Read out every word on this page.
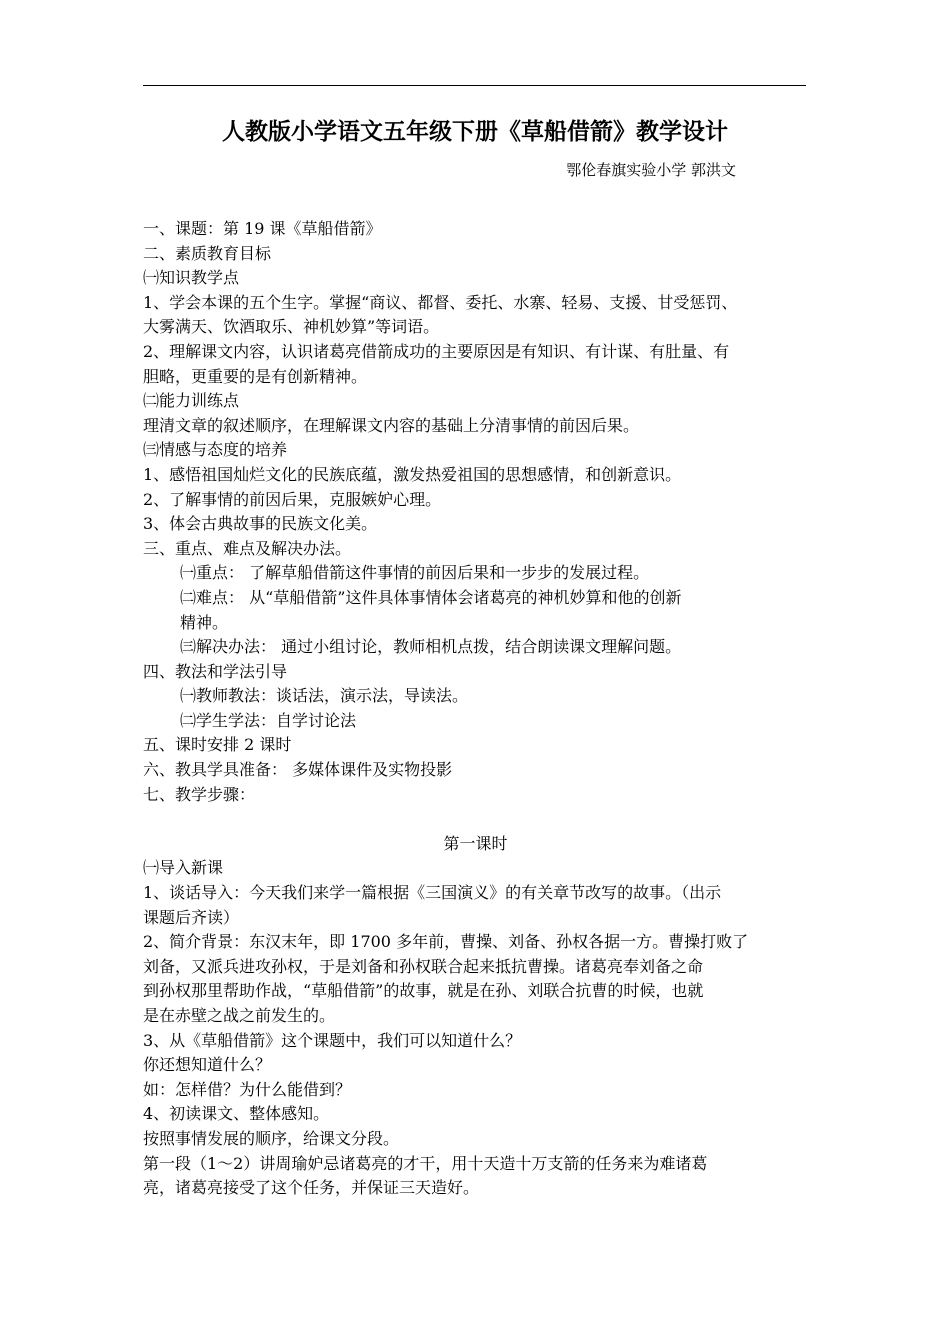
人教版小学语文五年级下册《草船借箭》教学设计
鄂伦春旗实验小学 郭洪文
一、课题：第 19 课《草船借箭》
二、素质教育目标
㈠知识教学点
1、学会本课的五个生字。掌握“商议、都督、委托、水寨、轻易、支援、甘受惩罚、
大雾满天、饮酒取乐、神机妙算”等词语。
2、理解课文内容，认识诸葛亮借箭成功的主要原因是有知识、有计谋、有肚量、有
胆略，更重要的是有创新精神。
㈡能力训练点
理清文章的叙述顺序，在理解课文内容的基础上分清事情的前因后果。
㈢情感与态度的培养
1、感悟祖国灿烂文化的民族底蕴，激发热爱祖国的思想感情，和创新意识。
2、了解事情的前因后果，克服嫉妒心理。
3、体会古典故事的民族文化美。
三、重点、难点及解决办法。
㈠重点： 了解草船借箭这件事情的前因后果和一步步的发展过程。
㈡难点： 从“草船借箭”这件具体事情体会诸葛亮的神机妙算和他的创新
精神。
㈢解决办法： 通过小组讨论，教师相机点拨，结合朗读课文理解问题。
四、教法和学法引导
㈠教师教法：谈话法，演示法，导读法。
㈡学生学法：自学讨论法
五、课时安排 2 课时
六、教具学具准备： 多媒体课件及实物投影
七、教学步骤：
第一课时
㈠导入新课
1、谈话导入：今天我们来学一篇根据《三国演义》的有关章节改写的故事。（出示
课题后齐读）
2、简介背景：东汉末年，即 1700 多年前，曹操、刘备、孙权各据一方。曹操打败了
刘备，又派兵进攻孙权，于是刘备和孙权联合起来抵抗曹操。诸葛亮奉刘备之命
到孙权那里帮助作战，“草船借箭”的故事，就是在孙、刘联合抗曹的时候，也就
是在赤壁之战之前发生的。
3、从《草船借箭》这个课题中，我们可以知道什么？
你还想知道什么？
如：怎样借？为什么能借到？
4、初读课文、整体感知。
按照事情发展的顺序，给课文分段。
第一段（1～2）讲周瑜妒忌诸葛亮的才干，用十天造十万支箭的任务来为难诸葛
亮，诸葛亮接受了这个任务，并保证三天造好。
